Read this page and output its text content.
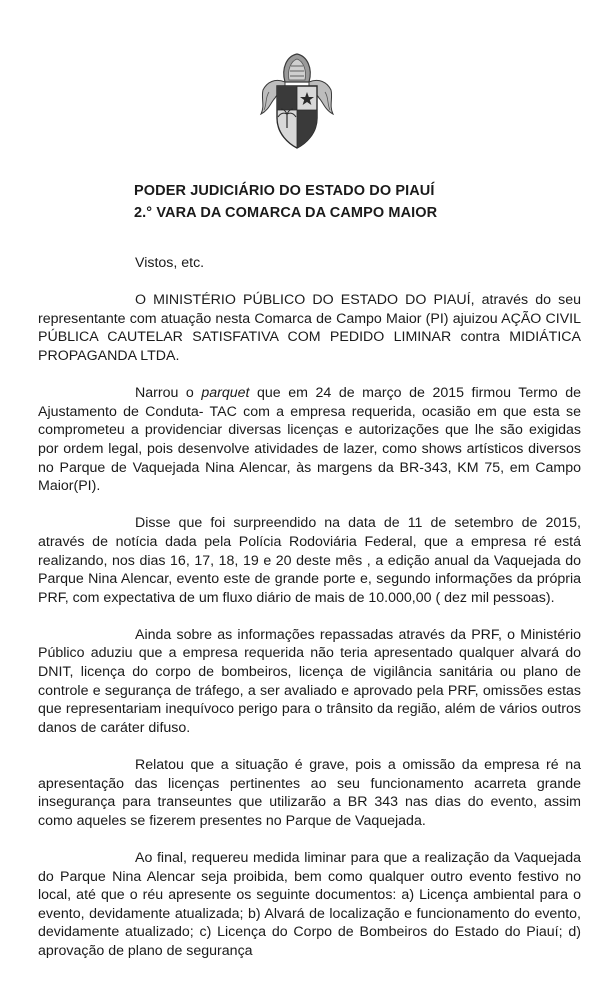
PODER JUDICIÁRIO DO ESTADO DO PIAUÍ
2.° VARA DA COMARCA DA CAMPO MAIOR

Vistos, etc.

O MINISTÉRIO PÚBLICO DO ESTADO DO PIAUÍ, através do seu representante com atuação nesta Comarca de Campo Maior (PI) ajuizou AÇÃO CIVIL PÚBLICA CAUTELAR SATISFATIVA COM PEDIDO LIMINAR contra MIDIÁTICA PROPAGANDA LTDA.

Narrou o parquet que em 24 de março de 2015 firmou Termo de Ajustamento de Conduta- TAC com a empresa requerida, ocasião em que esta se comprometeu a providenciar diversas licenças e autorizações que lhe são exigidas por ordem legal, pois desenvolve atividades de lazer, como shows artísticos diversos no Parque de Vaquejada Nina Alencar, às margens da BR-343, KM 75, em Campo Maior(PI).

Disse que foi surpreendido na data de 11 de setembro de 2015, através de notícia dada pela Polícia Rodoviária Federal, que a empresa ré está realizando, nos dias 16, 17, 18, 19 e 20 deste mês , a edição anual da Vaquejada do Parque Nina Alencar, evento este de grande porte e, segundo informações da própria PRF, com expectativa de um fluxo diário de mais de 10.000,00 ( dez mil pessoas).

Ainda sobre as informações repassadas através da PRF, o Ministério Público aduziu que a empresa requerida não teria apresentado qualquer alvará do DNIT, licença do corpo de bombeiros, licença de vigilância sanitária ou plano de controle e segurança de tráfego, a ser avaliado e aprovado pela PRF, omissões estas que representariam inequívoco perigo para o trânsito da região, além de vários outros danos de caráter difuso.

Relatou que a situação é grave, pois a omissão da empresa ré na apresentação das licenças pertinentes ao seu funcionamento acarreta grande insegurança para transeuntes que utilizarão a BR 343 nas dias do evento, assim como aqueles se fizerem presentes no Parque de Vaquejada.

Ao final, requereu medida liminar para que a realização da Vaquejada do Parque Nina Alencar seja proibida, bem como qualquer outro evento festivo no local, até que o réu apresente os seguinte documentos: a) Licença ambiental para o evento, devidamente atualizada; b) Alvará de localização e funcionamento do evento, devidamente atualizado; c) Licença do Corpo de Bombeiros do Estado do Piauí; d) aprovação de plano de segurança
